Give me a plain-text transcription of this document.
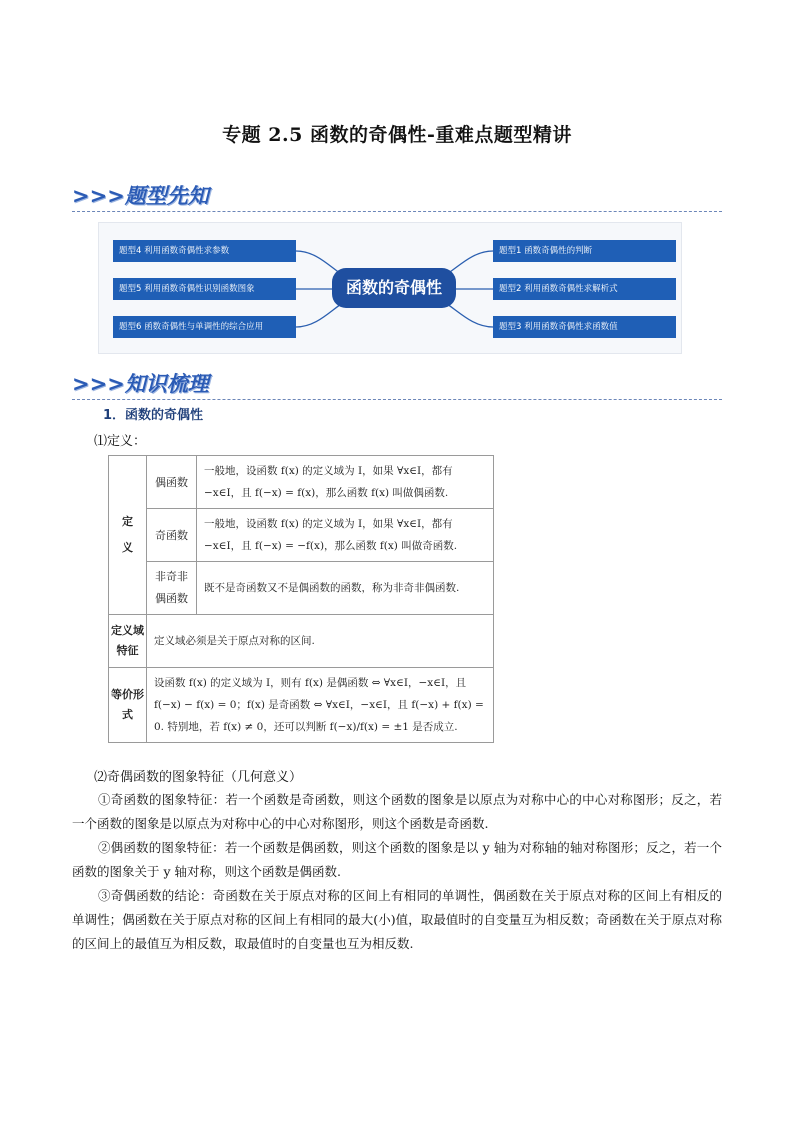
专题 2.5 函数的奇偶性-重难点题型精讲
>>>题型先知
题型4 利用函数奇偶性求参数
题型5 利用函数奇偶性识别函数图象
题型6 函数奇偶性与单调性的综合应用
函数的奇偶性
题型1 函数奇偶性的判断
题型2 利用函数奇偶性求解析式
题型3 利用函数奇偶性求函数值
>>>知识梳理
1．函数的奇偶性
⑴定义：
定
义	偶函数	一般地，设函数 f(x) 的定义域为 I，如果 ∀x∈I，都有 −x∈I，且 f(−x) = f(x)，那么函数 f(x) 叫做偶函数.
	奇函数	一般地，设函数 f(x) 的定义域为 I，如果 ∀x∈I，都有 −x∈I，且 f(−x) = −f(x)，那么函数 f(x) 叫做奇函数.
	非奇非偶函数	既不是奇函数又不是偶函数的函数，称为非奇非偶函数.
定义域特征	定义域必须是关于原点对称的区间.	
等价形式	设函数 f(x) 的定义域为 I，则有 f(x) 是偶函数 ⇔ ∀x∈I，−x∈I，且 f(−x) − f(x) = 0；f(x) 是奇函数 ⇔ ∀x∈I，−x∈I，且 f(−x) + f(x) = 0. 特别地，若 f(x) ≠ 0，还可以判断 f(−x)/f(x) = ±1 是否成立.	
⑵奇偶函数的图象特征（几何意义）
①奇函数的图象特征：若一个函数是奇函数，则这个函数的图象是以原点为对称中心的中心对称图形；反之，若一个函数的图象是以原点为对称中心的中心对称图形，则这个函数是奇函数.
②偶函数的图象特征：若一个函数是偶函数，则这个函数的图象是以 y 轴为对称轴的轴对称图形；反之，若一个函数的图象关于 y 轴对称，则这个函数是偶函数.
③奇偶函数的结论：奇函数在关于原点对称的区间上有相同的单调性，偶函数在关于原点对称的区间上有相反的单调性；偶函数在关于原点对称的区间上有相同的最大(小)值，取最值时的自变量互为相反数；奇函数在关于原点对称的区间上的最值互为相反数，取最值时的自变量也互为相反数.
